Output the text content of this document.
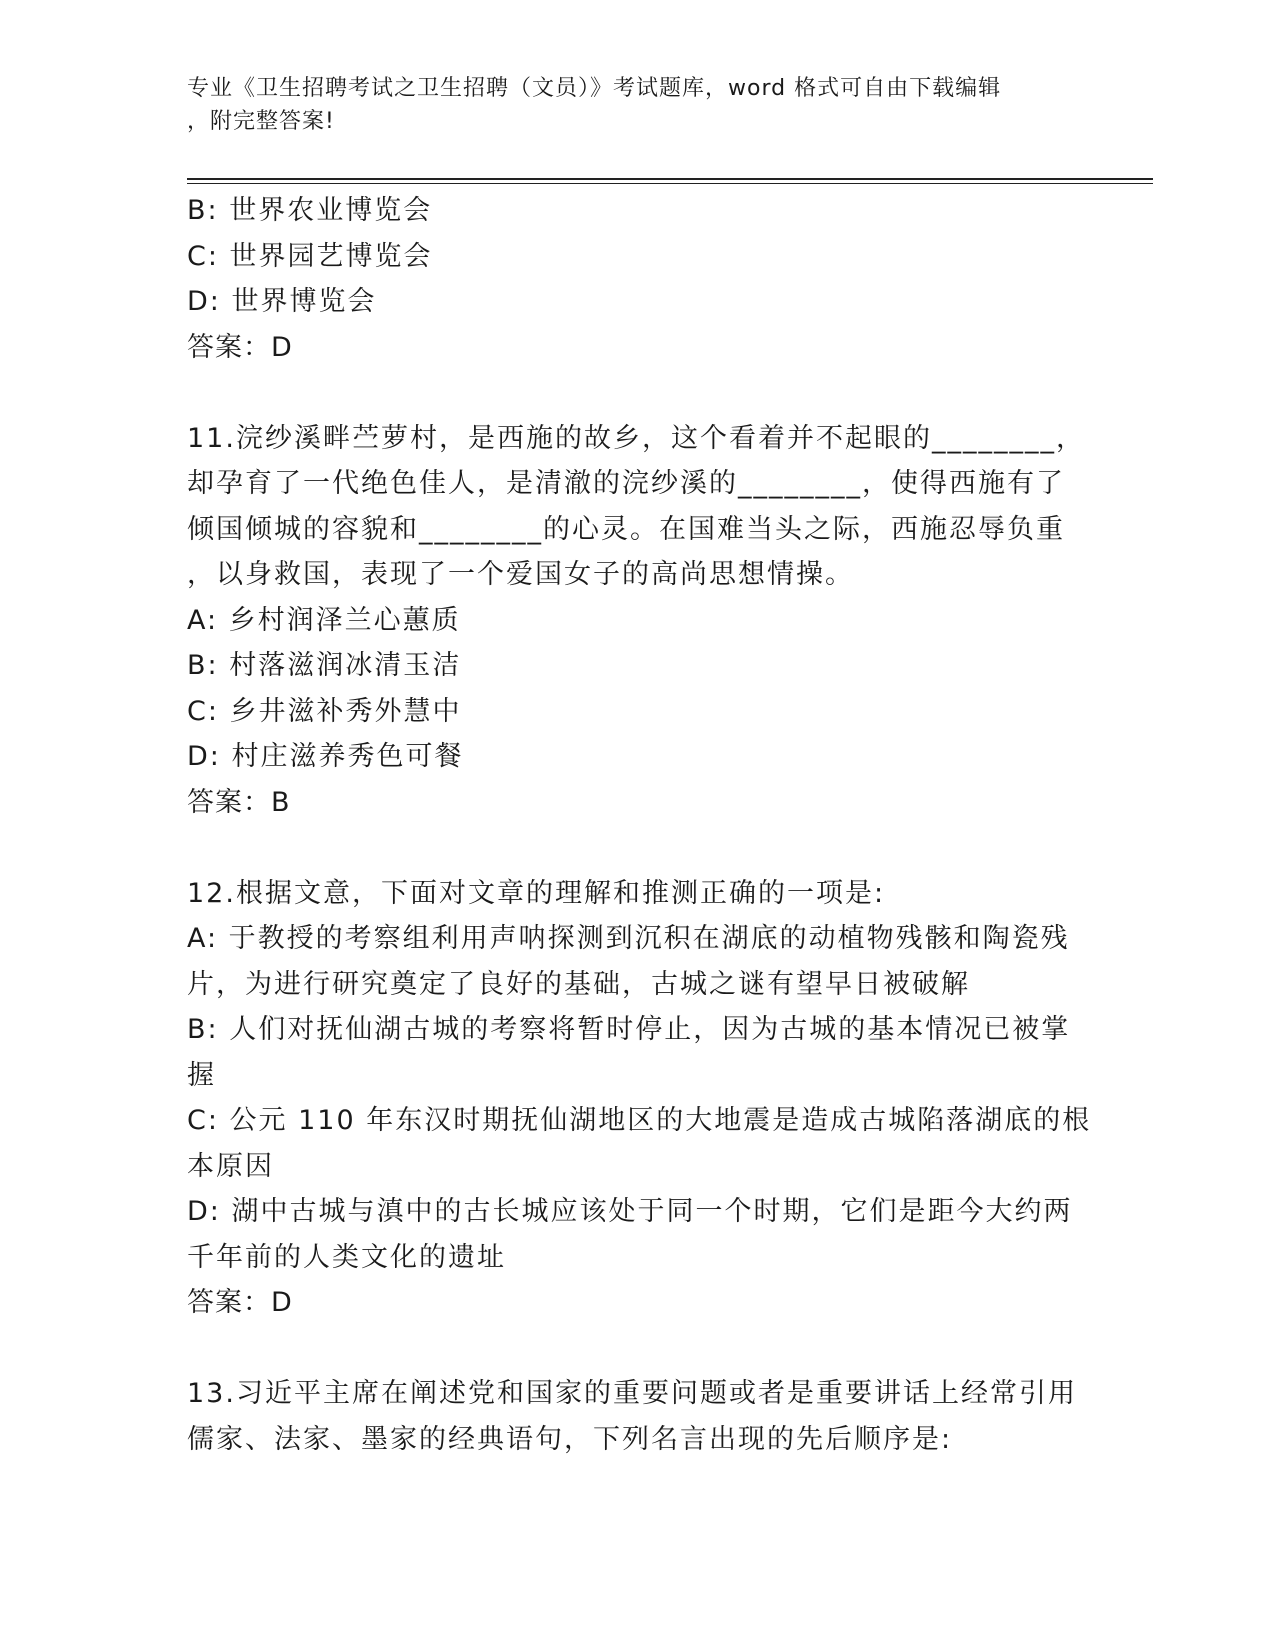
专业《卫生招聘考试之卫生招聘（文员）》考试题库，word 格式可自由下载编辑
，附完整答案!
B: 世界农业博览会
C: 世界园艺博览会
D: 世界博览会
答案：D
11.浣纱溪畔苎萝村，是西施的故乡，这个看着并不起眼的________，
却孕育了一代绝色佳人，是清澈的浣纱溪的________，使得西施有了
倾国倾城的容貌和________的心灵。在国难当头之际，西施忍辱负重
，以身救国，表现了一个爱国女子的高尚思想情操。
A: 乡村润泽兰心蕙质
B: 村落滋润冰清玉洁
C: 乡井滋补秀外慧中
D: 村庄滋养秀色可餐
答案：B
12.根据文意，下面对文章的理解和推测正确的一项是:
A: 于教授的考察组利用声呐探测到沉积在湖底的动植物残骸和陶瓷残
片，为进行研究奠定了良好的基础，古城之谜有望早日被破解
B: 人们对抚仙湖古城的考察将暂时停止，因为古城的基本情况已被掌
握
C: 公元 110 年东汉时期抚仙湖地区的大地震是造成古城陷落湖底的根
本原因
D: 湖中古城与滇中的古长城应该处于同一个时期，它们是距今大约两
千年前的人类文化的遗址
答案：D
13.习近平主席在阐述党和国家的重要问题或者是重要讲话上经常引用
儒家、法家、墨家的经典语句，下列名言出现的先后顺序是:
